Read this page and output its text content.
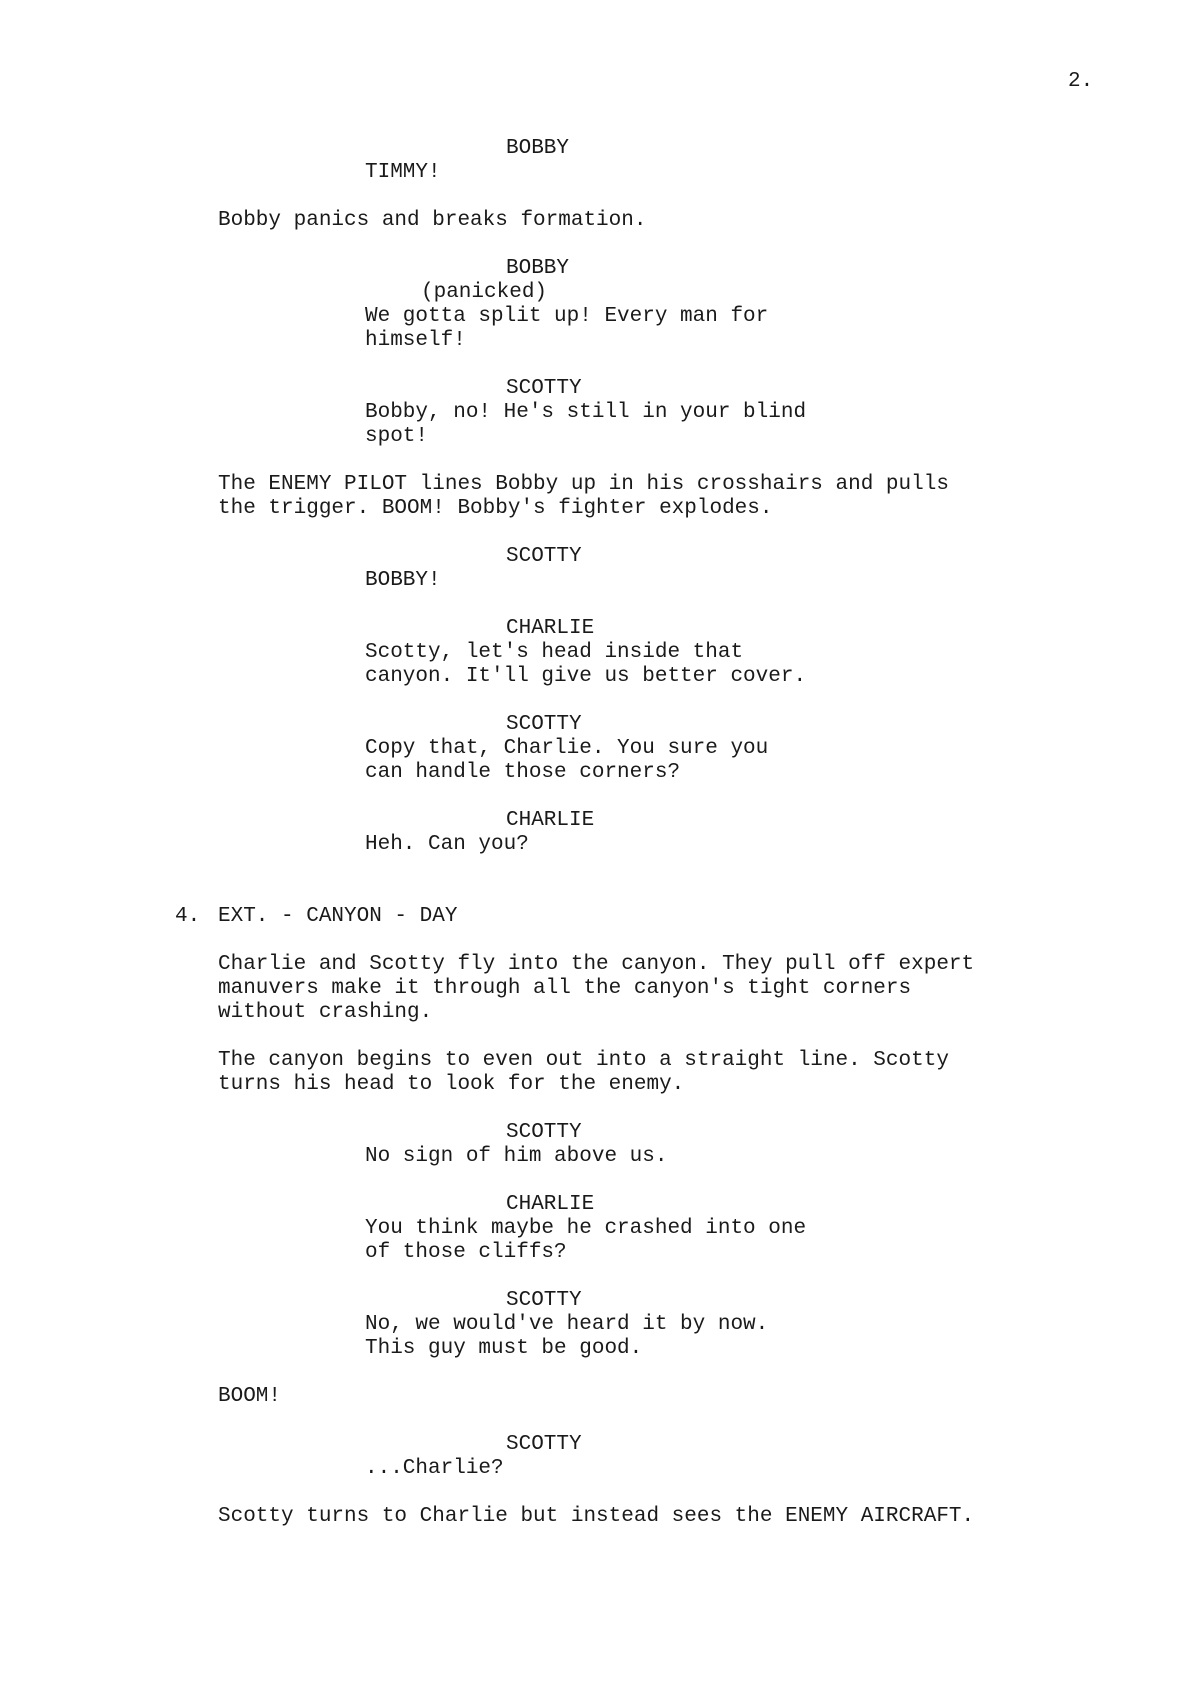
2.
BOBBY
TIMMY!
Bobby panics and breaks formation.
BOBBY
(panicked)
We gotta split up! Every man for
himself!
SCOTTY
Bobby, no! He's still in your blind
spot!
The ENEMY PILOT lines Bobby up in his crosshairs and pulls
the trigger. BOOM! Bobby's fighter explodes.
SCOTTY
BOBBY!
CHARLIE
Scotty, let's head inside that
canyon. It'll give us better cover.
SCOTTY
Copy that, Charlie. You sure you
can handle those corners?
CHARLIE
Heh. Can you?
4. EXT. - CANYON - DAY
Charlie and Scotty fly into the canyon. They pull off expert
manuvers make it through all the canyon's tight corners
without crashing.
The canyon begins to even out into a straight line. Scotty
turns his head to look for the enemy.
SCOTTY
No sign of him above us.
CHARLIE
You think maybe he crashed into one
of those cliffs?
SCOTTY
No, we would've heard it by now.
This guy must be good.
BOOM!
SCOTTY
...Charlie?
Scotty turns to Charlie but instead sees the ENEMY AIRCRAFT.
